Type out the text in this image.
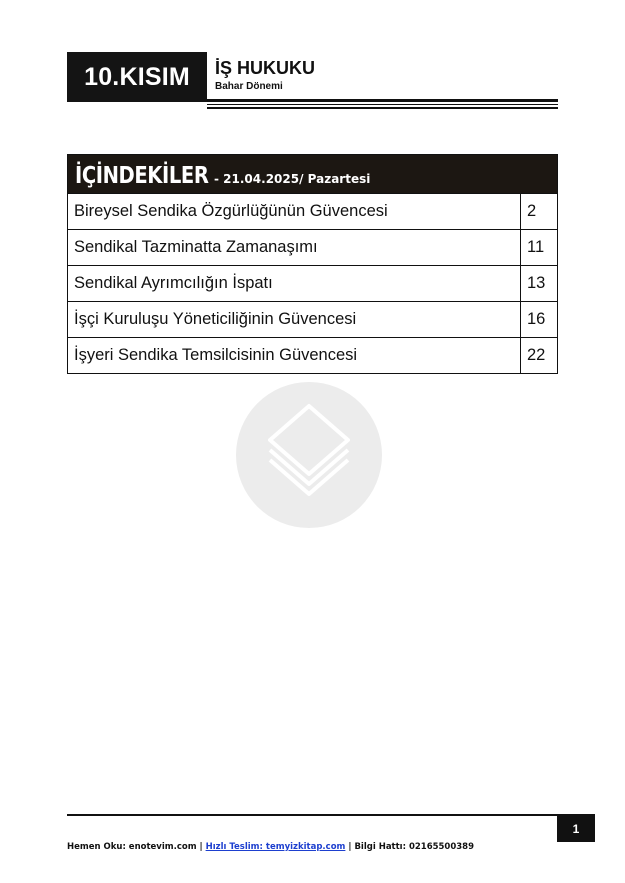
10.KISIM	İŞ HUKUKU
Bahar Dönemi
İÇİNDEKİLER - 21.04.2025/ Pazartesi
Bireysel Sendika Özgürlüğünün Güvencesi	2
Sendikal Tazminatta Zamanaşımı	11
Sendikal Ayrımcılığın İspatı	13
İşçi Kuruluşu Yöneticiliğinin Güvencesi	16
İşyeri Sendika Temsilcisinin Güvencesi	22
1
Hemen Oku: enotevim.com | Hızlı Teslim: temyizkitap.com | Bilgi Hattı: 02165500389
